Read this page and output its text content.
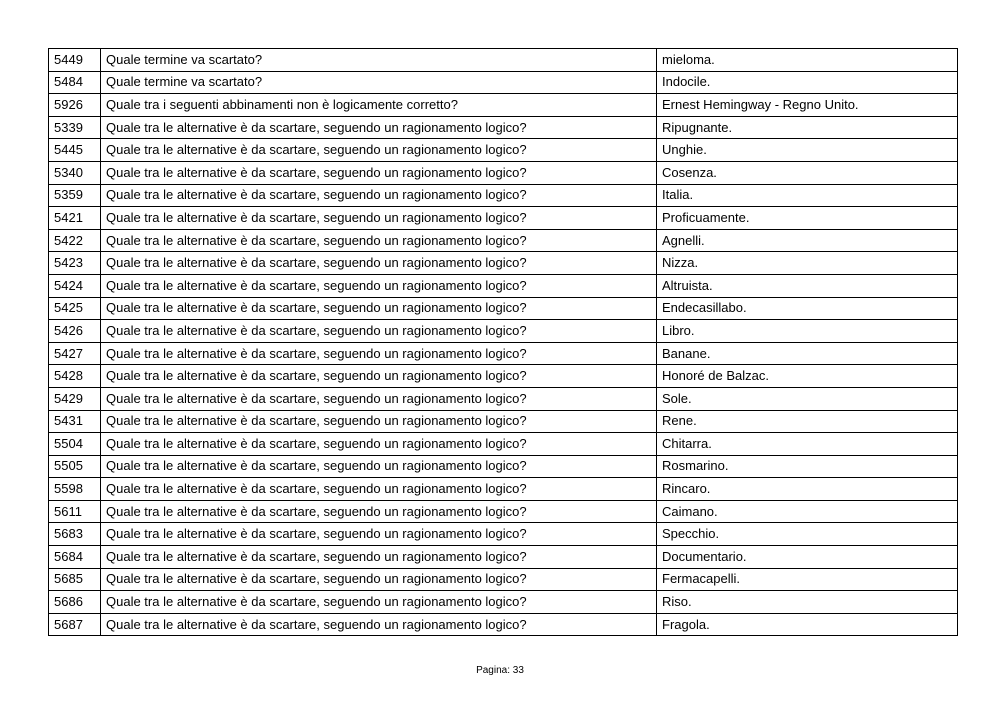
5449	Quale termine va scartato?	mieloma.
5484	Quale termine va scartato?	Indocile.
5926	Quale tra i seguenti abbinamenti non è logicamente corretto?	Ernest Hemingway - Regno Unito.
5339	Quale tra le alternative è da scartare, seguendo un ragionamento logico?	Ripugnante.
5445	Quale tra le alternative è da scartare, seguendo un ragionamento logico?	Unghie.
5340	Quale tra le alternative è da scartare, seguendo un ragionamento logico?	Cosenza.
5359	Quale tra le alternative è da scartare, seguendo un ragionamento logico?	Italia.
5421	Quale tra le alternative è da scartare, seguendo un ragionamento logico?	Proficuamente.
5422	Quale tra le alternative è da scartare, seguendo un ragionamento logico?	Agnelli.
5423	Quale tra le alternative è da scartare, seguendo un ragionamento logico?	Nizza.
5424	Quale tra le alternative è da scartare, seguendo un ragionamento logico?	Altruista.
5425	Quale tra le alternative è da scartare, seguendo un ragionamento logico?	Endecasillabo.
5426	Quale tra le alternative è da scartare, seguendo un ragionamento logico?	Libro.
5427	Quale tra le alternative è da scartare, seguendo un ragionamento logico?	Banane.
5428	Quale tra le alternative è da scartare, seguendo un ragionamento logico?	Honoré de Balzac.
5429	Quale tra le alternative è da scartare, seguendo un ragionamento logico?	Sole.
5431	Quale tra le alternative è da scartare, seguendo un ragionamento logico?	Rene.
5504	Quale tra le alternative è da scartare, seguendo un ragionamento logico?	Chitarra.
5505	Quale tra le alternative è da scartare, seguendo un ragionamento logico?	Rosmarino.
5598	Quale tra le alternative è da scartare, seguendo un ragionamento logico?	Rincaro.
5611	Quale tra le alternative è da scartare, seguendo un ragionamento logico?	Caimano.
5683	Quale tra le alternative è da scartare, seguendo un ragionamento logico?	Specchio.
5684	Quale tra le alternative è da scartare, seguendo un ragionamento logico?	Documentario.
5685	Quale tra le alternative è da scartare, seguendo un ragionamento logico?	Fermacapelli.
5686	Quale tra le alternative è da scartare, seguendo un ragionamento logico?	Riso.
5687	Quale tra le alternative è da scartare, seguendo un ragionamento logico?	Fragola.
Pagina: 33
